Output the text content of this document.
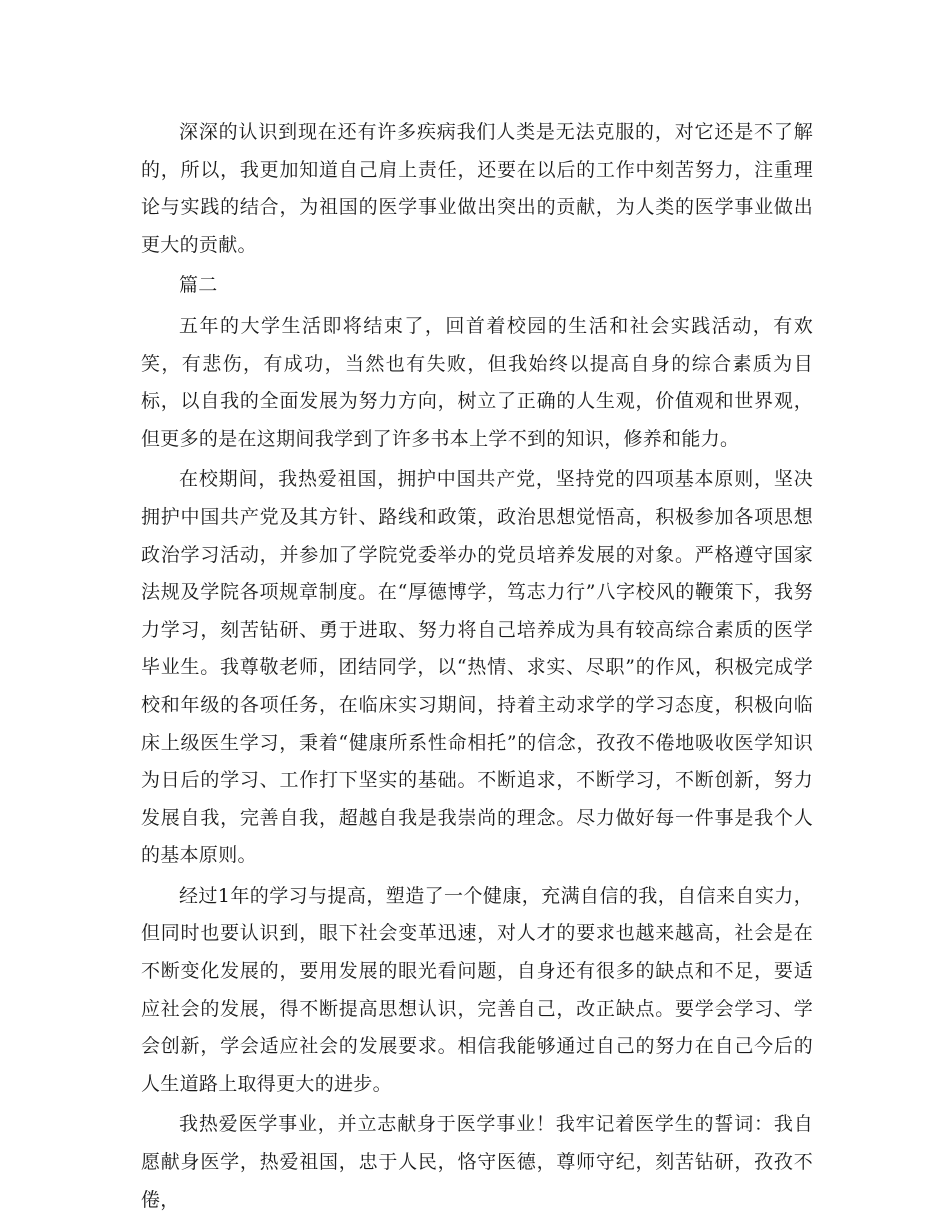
深深的认识到现在还有许多疾病我们人类是无法克服的，对它还是不了解的，所以，我更加知道自己肩上责任，还要在以后的工作中刻苦努力，注重理论与实践的结合，为祖国的医学事业做出突出的贡献，为人类的医学事业做出更大的贡献。

篇二

五年的大学生活即将结束了，回首着校园的生活和社会实践活动，有欢笑，有悲伤，有成功，当然也有失败，但我始终以提高自身的综合素质为目标，以自我的全面发展为努力方向，树立了正确的人生观，价值观和世界观，但更多的是在这期间我学到了许多书本上学不到的知识，修养和能力。

在校期间，我热爱祖国，拥护中国共产党，坚持党的四项基本原则，坚决拥护中国共产党及其方针、路线和政策，政治思想觉悟高，积极参加各项思想政治学习活动，并参加了学院党委举办的党员培养发展的对象。严格遵守国家法规及学院各项规章制度。在“厚德博学，笃志力行”八字校风的鞭策下，我努力学习，刻苦钻研、勇于进取、努力将自己培养成为具有较高综合素质的医学毕业生。我尊敬老师，团结同学，以“热情、求实、尽职”的作风，积极完成学校和年级的各项任务，在临床实习期间，持着主动求学的学习态度，积极向临床上级医生学习，秉着“健康所系性命相托”的信念，孜孜不倦地吸收医学知识为日后的学习、工作打下坚实的基础。不断追求，不断学习，不断创新，努力发展自我，完善自我，超越自我是我崇尚的理念。尽力做好每一件事是我个人的基本原则。

经过1年的学习与提高，塑造了一个健康，充满自信的我，自信来自实力，但同时也要认识到，眼下社会变革迅速，对人才的要求也越来越高，社会是在不断变化发展的，要用发展的眼光看问题，自身还有很多的缺点和不足，要适应社会的发展，得不断提高思想认识，完善自己，改正缺点。要学会学习、学会创新，学会适应社会的发展要求。相信我能够通过自己的努力在自己今后的人生道路上取得更大的进步。

我热爱医学事业，并立志献身于医学事业！我牢记着医学生的誓词：我自愿献身医学，热爱祖国，忠于人民，恪守医德，尊师守纪，刻苦钻研，孜孜不倦，
